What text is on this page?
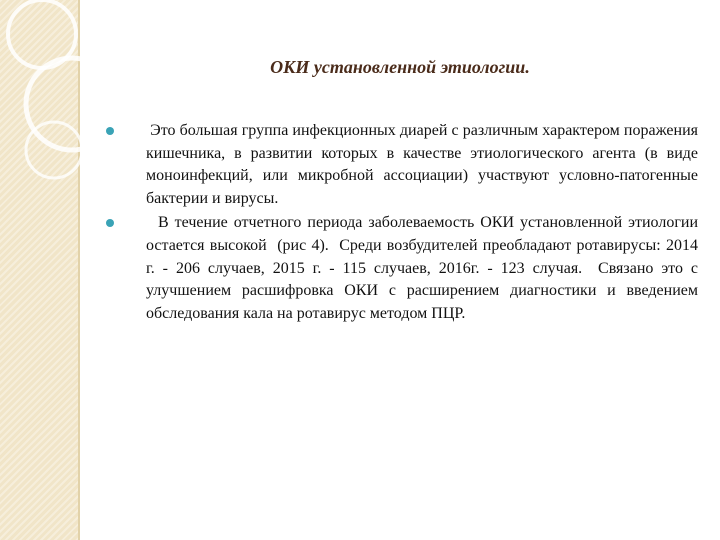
ОКИ установленной этиологии.

Это большая группа инфекционных диарей с различным характером поражения кишечника, в развитии которых в качестве этиологического агента (в виде моноинфекций, или микробной ассоциации) участвуют условно-патогенные бактерии и вирусы.

В течение отчетного периода заболеваемость ОКИ установленной этиологии остается высокой  (рис 4).  Среди возбудителей преобладают ротавирусы: 2014 г. - 206 случаев, 2015 г. - 115 случаев, 2016г. - 123 случая.  Связано это с улучшением расшифровка ОКИ с расширением диагностики и введением  обследования кала на ротавирус методом ПЦР.
